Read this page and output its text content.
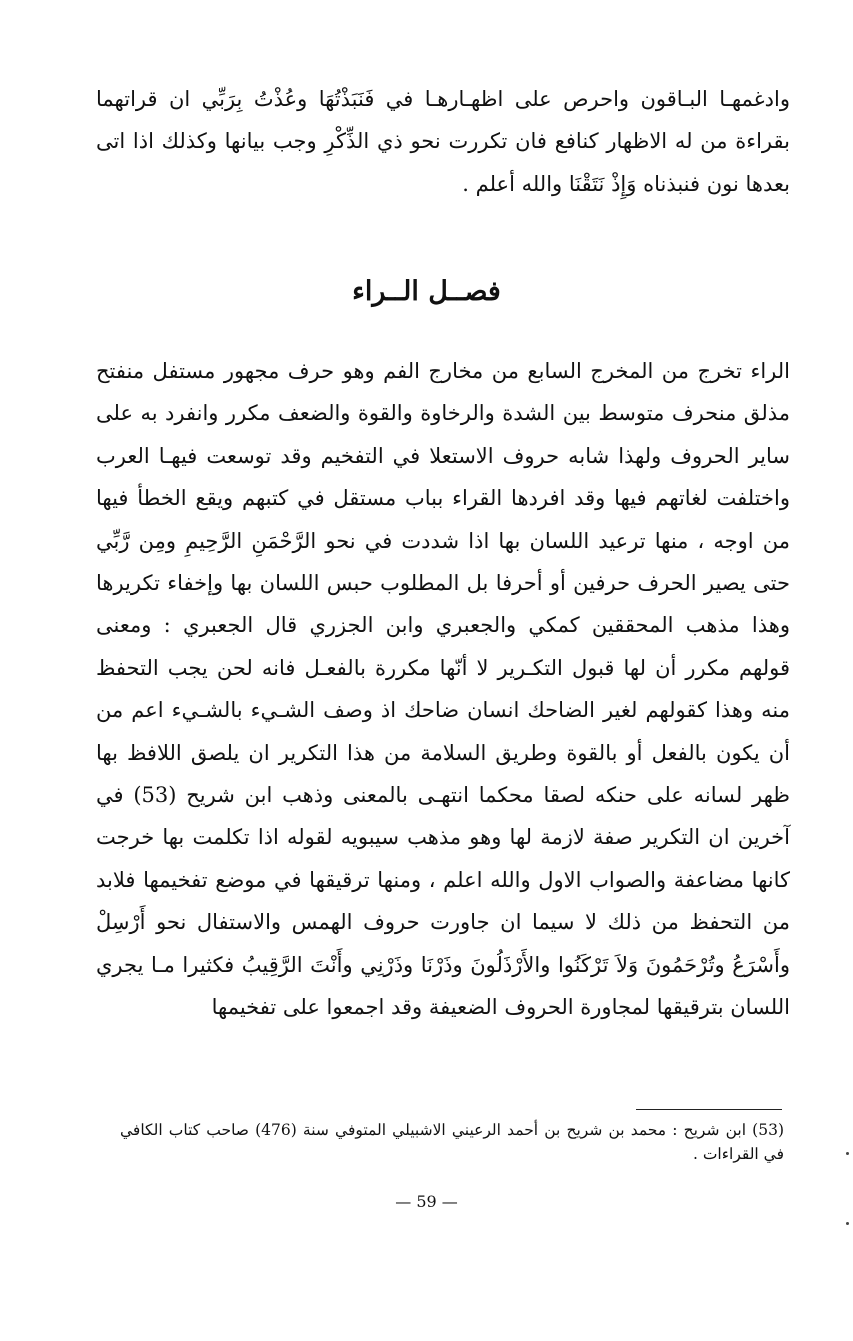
وادغمهـا البـاقون واحرص على اظهـارهـا في فَنَبَذْتُهَا وعُذْتُ بِرَبِّي ان قراتهما بقراءة من له الاظهار كنافع فان تكررت نحو ذي الذِّكْرِ وجب بيانها وكذلك اذا اتى بعدها نون فنبذناه وَإِذْ نَتَقْنَا والله أعلم .

فصــل الــراء

الراء تخرج من المخرج السابع من مخارج الفم وهو حرف مجهور مستفل منفتح مذلق منحرف متوسط بين الشدة والرخاوة والقوة والضعف مكرر وانفرد به على ساير الحروف ولهذا شابه حروف الاستعلا في التفخيم وقد توسعت فيهـا العرب واختلفت لغاتهم فيها وقد افردها القراء بباب مستقل في كتبهم ويقع الخطأ فيها من اوجه ، منها ترعيد اللسان بها اذا شددت في نحو الرَّحْمَنِ الرَّحِيمِ ومِن رَّبِّي حتى يصير الحرف حرفين أو أحرفا بل المطلوب حبس اللسان بها وإخفاء تكريرها وهذا مذهب المحققين كمكي والجعبري وابن الجزري قال الجعبري : ومعنى قولهم مكرر أن لها قبول التكـرير لا أنّها مكررة بالفعـل فانه لحن يجب التحفظ منه وهذا كقولهم لغير الضاحك انسان ضاحك اذ وصف الشـيء بالشـيء اعم من أن يكون بالفعل أو بالقوة وطريق السلامة من هذا التكرير ان يلصق اللافظ بها ظهر لسانه على حنكه لصقا محكما انتهـى بالمعنى وذهب ابن شريح (53) في آخرين ان التكرير صفة لازمة لها وهو مذهب سيبويه لقوله اذا تكلمت بها خرجت كانها مضاعفة والصواب الاول والله اعلم ، ومنها ترقيقها في موضع تفخيمها فلابد من التحفظ من ذلك لا سيما ان جاورت حروف الهمس والاستفال نحو أَرْسِلْ وأَسْرَعُ وتُرْحَمُونَ وَلاَ تَرْكَنُوا والأَرْذَلُونَ وذَرْنَا وذَرْنِي وأَنْتَ الرَّقِيبُ فكثيرا مـا يجري اللسان بترقيقها لمجاورة الحروف الضعيفة وقد اجمعوا على تفخيمها

(53) ابن شريح : محمد بن شريح بن أحمد الرعيني الاشبيلي المتوفي سنة (476) صاحب كتاب الكافي في القراءات .

— 59 —
